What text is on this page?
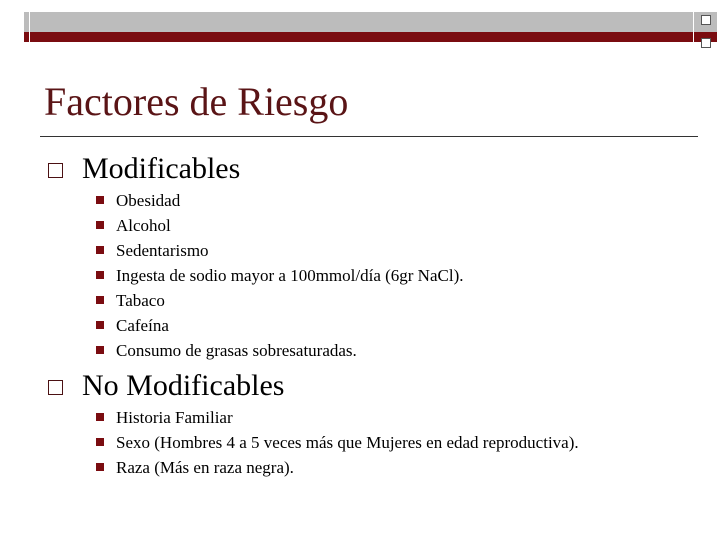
Factores de Riesgo
Modificables
Obesidad
Alcohol
Sedentarismo
Ingesta de sodio mayor a 100mmol/día (6gr NaCl).
Tabaco
Cafeína
Consumo de grasas sobresaturadas.
No Modificables
Historia Familiar
Sexo (Hombres 4 a 5 veces más que Mujeres en edad reproductiva).
Raza (Más en raza negra).
